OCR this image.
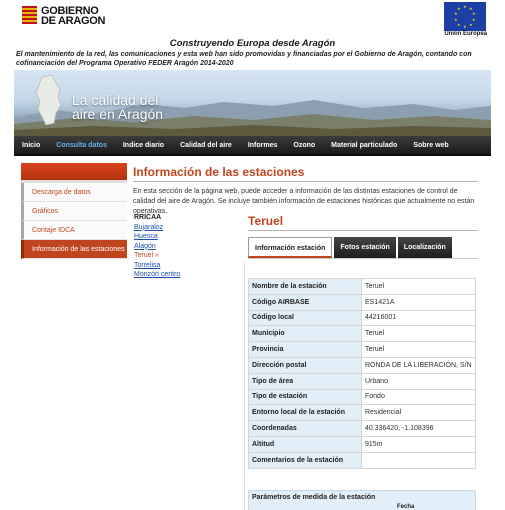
GOBIERNO
DE ARAGON
★ ★
★
★
★
★
★
★
★
★
Unión Europea
Construyendo Europa desde Aragón
El mantenimiento de la red, las comunicaciones y esta web han sido promovidas y financiadas por el Gobierno de Aragón, contando con cofinanciación del Programa Operativo FEDER Aragón 2014-2020
La calidad del
aire en Aragón
Inicio	Consulta datos	Indice diario	Calidad del aire	Informes	Ozono	Material particulado	Sobre web
Descarga de datos
Gráficos
Contaje IDCA
Información de las estaciones
Información de las estaciones
En esta sección de la página web, puede acceder a información de las distintas estaciones de control de calidad del aire de Aragón. Se incluye también información de estaciones históricas que actualmente no están operativas.
RRICAA
Bujaraloz
Huesca
Alagón
Teruel »
Torrelisa
Monzón centro
Teruel
Información estación	Fotos estación	Localización
Nombre de la estación	Teruel
Código AIRBASE	ES1421A
Código local	44216001
Municipio	Teruel
Provincia	Teruel
Dirección postal	RONDA DE LA LIBERACIÓN, S/N
Tipo de área	Urbano
Tipo de estación	Fondo
Entorno local de la estación	Residencial
Coordenadas	40.336420, -1.108396
Altitud	915m
Comentarios de la estación	
Parámetros de medida de la estación
Fecha
